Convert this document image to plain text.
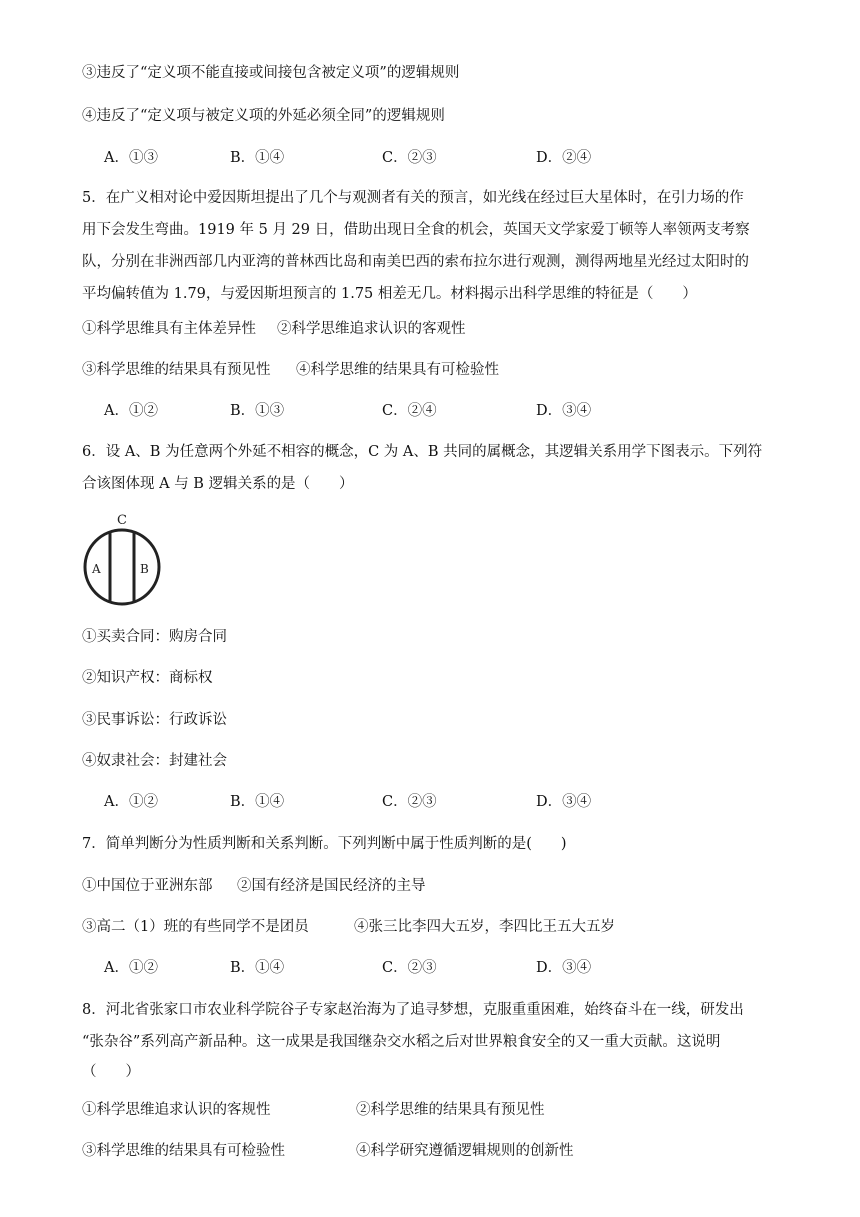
③违反了“定义项不能直接或间接包含被定义项”的逻辑规则
④违反了“定义项与被定义项的外延必须全同”的逻辑规则
A．①③	B．①④	C．②③	D．②④
5．在广义相对论中爱因斯坦提出了几个与观测者有关的预言，如光线在经过巨大星体时，在引力场的作
用下会发生弯曲。1919 年 5 月 29 日，借助出现日全食的机会，英国天文学家爱丁顿等人率领两支考察
队，分别在非洲西部几内亚湾的普林西比岛和南美巴西的索布拉尔进行观测，测得两地星光经过太阳时的
平均偏转值为 1.79，与爱因斯坦预言的 1.75 相差无几。材料揭示出科学思维的特征是（　　）
①科学思维具有主体差异性 ②科学思维追求认识的客观性
③科学思维的结果具有预见性 ④科学思维的结果具有可检验性
A．①②	B．①③	C．②④	D．③④
6．设 A、B 为任意两个外延不相容的概念，C 为 A、B 共同的属概念，其逻辑关系用学下图表示。下列符
合该图体现 A 与 B 逻辑关系的是（　　）
C
A	B
①买卖合同：购房合同
②知识产权：商标权
③民事诉讼：行政诉讼
④奴隶社会：封建社会
A．①②	B．①④	C．②③	D．③④
7．简单判断分为性质判断和关系判断。下列判断中属于性质判断的是(　　)
①中国位于亚洲东部 ②国有经济是国民经济的主导
③高二（1）班的有些同学不是团员	④张三比李四大五岁，李四比王五大五岁
A．①②	B．①④	C．②③	D．③④
8．河北省张家口市农业科学院谷子专家赵治海为了追寻梦想，克服重重困难，始终奋斗在一线，研发出
“张杂谷”系列高产新品种。这一成果是我国继杂交水稻之后对世界粮食安全的又一重大贡献。这说明
（　　）
①科学思维追求认识的客规性	②科学思维的结果具有预见性
③科学思维的结果具有可检验性	④科学研究遵循逻辑规则的创新性
